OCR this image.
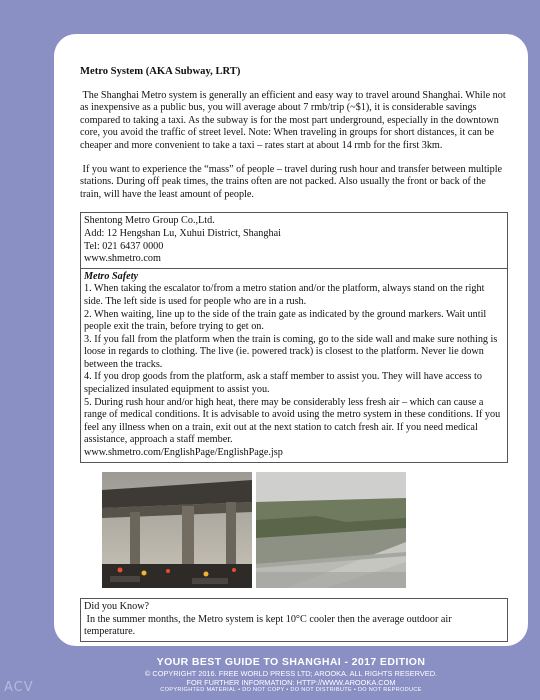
Metro System (AKA Subway, LRT)
The Shanghai Metro system is generally an efficient and easy way to travel around Shanghai. While not as inexpensive as a public bus, you will average about 7 rmb/trip (~$1), it is considerable savings compared to taking a taxi. As the subway is for the most part underground, especially in the downtown core, you avoid the traffic of street level. Note: When traveling in groups for short distances, it can be cheaper and more convenient to take a taxi – rates start at about 14 rmb for the first 3km.
If you want to experience the “mass” of people – travel during rush hour and transfer between multiple stations. During off peak times, the trains often are not packed. Also usually the front or back of the train, will have the least amount of people.
Shentong Metro Group Co.,Ltd.
Add: 12 Hengshan Lu, Xuhui District, Shanghai
Tel: 021 6437 0000
www.shmetro.com
Metro Safety
1. When taking the escalator to/from a metro station and/or the platform, always stand on the right side. The left side is used for people who are in a rush.
2. When waiting, line up to the side of the train gate as indicated by the ground markers. Wait until people exit the train, before trying to get on.
3. If you fall from the platform when the train is coming, go to the side wall and make sure nothing is loose in regards to clothing. The live (ie. powered track) is closest to the platform. Never lie down between the tracks.
4. If you drop goods from the platform, ask a staff member to assist you. They will have access to specialized insulated equipment to assist you.
5. During rush hour and/or high heat, there may be considerably less fresh air – which can cause a range of medical conditions. It is advisable to avoid using the metro system in these conditions. If you feel any illness when on a train, exit out at the next station to catch fresh air. If you need medical assistance, approach a staff member.
www.shmetro.com/EnglishPage/EnglishPage.jsp
Did you Know?
In the summer months, the Metro system is kept 10°C cooler then the average outdoor air temperature.
YOUR BEST GUIDE TO SHANGHAI - 2017 EDITION
© COPYRIGHT 2016. FREE WORLD PRESS LTD; AROOKA. ALL RIGHTS RESERVED.
FOR FURTHER INFORMATION: HTTP://WWW.AROOKA.COM
COPYRIGHTED MATERIAL • DO NOT COPY • DO NOT DISTRIBUTE • DO NOT REPRODUCE
ACV
